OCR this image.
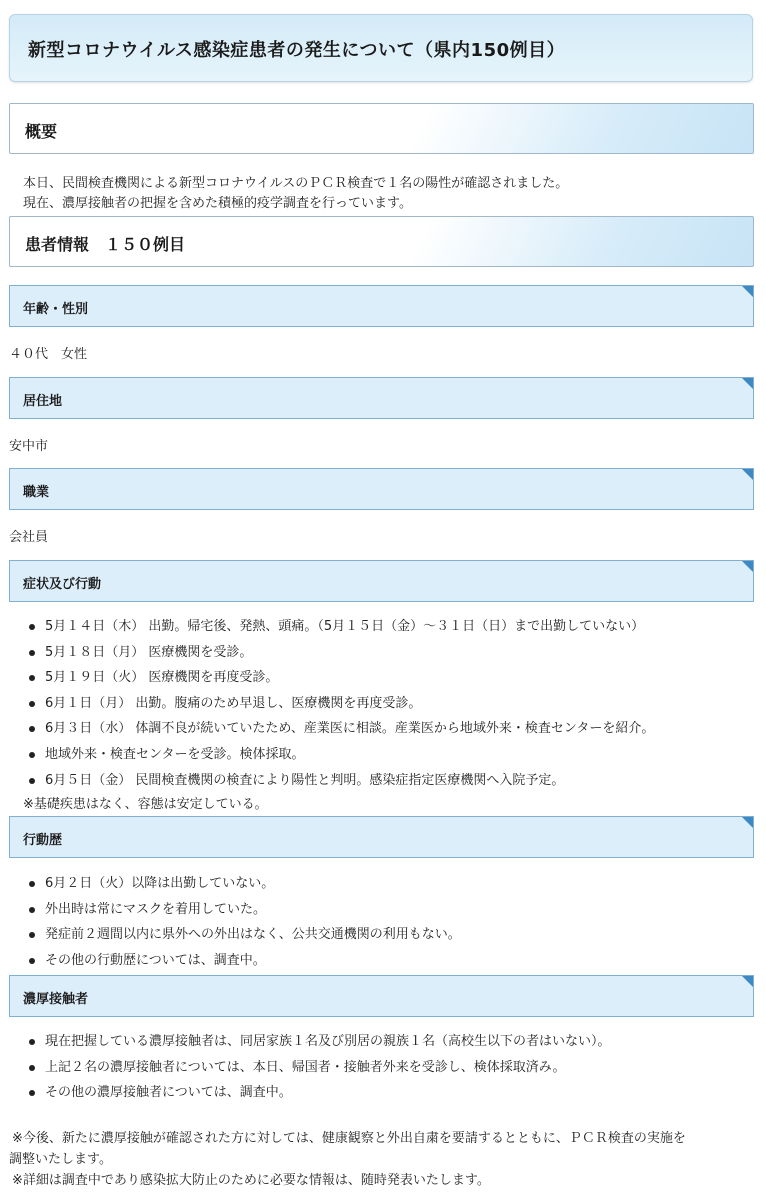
新型コロナウイルス感染症患者の発生について（県内150例目）
概要
本日、民間検査機関による新型コロナウイルスのＰＣＲ検査で１名の陽性が確認されました。
現在、濃厚接触者の把握を含めた積極的疫学調査を行っています。
患者情報　１５０例目
年齢・性別
４０代　女性
居住地
安中市
職業
会社員
症状及び行動
5月１４日（木） 出勤。帰宅後、発熱、頭痛。（5月１５日（金）～３１日（日）まで出勤していない）
5月１８日（月） 医療機関を受診。
5月１９日（火） 医療機関を再度受診。
6月１日（月） 出勤。腹痛のため早退し、医療機関を再度受診。
6月３日（水） 体調不良が続いていたため、産業医に相談。産業医から地域外来・検査センターを紹介。
地域外来・検査センターを受診。検体採取。
6月５日（金） 民間検査機関の検査により陽性と判明。感染症指定医療機関へ入院予定。
※基礎疾患はなく、容態は安定している。
行動歴
6月２日（火）以降は出勤していない。
外出時は常にマスクを着用していた。
発症前２週間以内に県外への外出はなく、公共交通機関の利用もない。
その他の行動歴については、調査中。
濃厚接触者
現在把握している濃厚接触者は、同居家族１名及び別居の親族１名（高校生以下の者はいない）。
上記２名の濃厚接触者については、本日、帰国者・接触者外来を受診し、検体採取済み。
その他の濃厚接触者については、調査中。
※今後、新たに濃厚接触が確認された方に対しては、健康観察と外出自粛を要請するとともに、ＰＣＲ検査の実施を
調整いたします。
※詳細は調査中であり感染拡大防止のために必要な情報は、随時発表いたします。
